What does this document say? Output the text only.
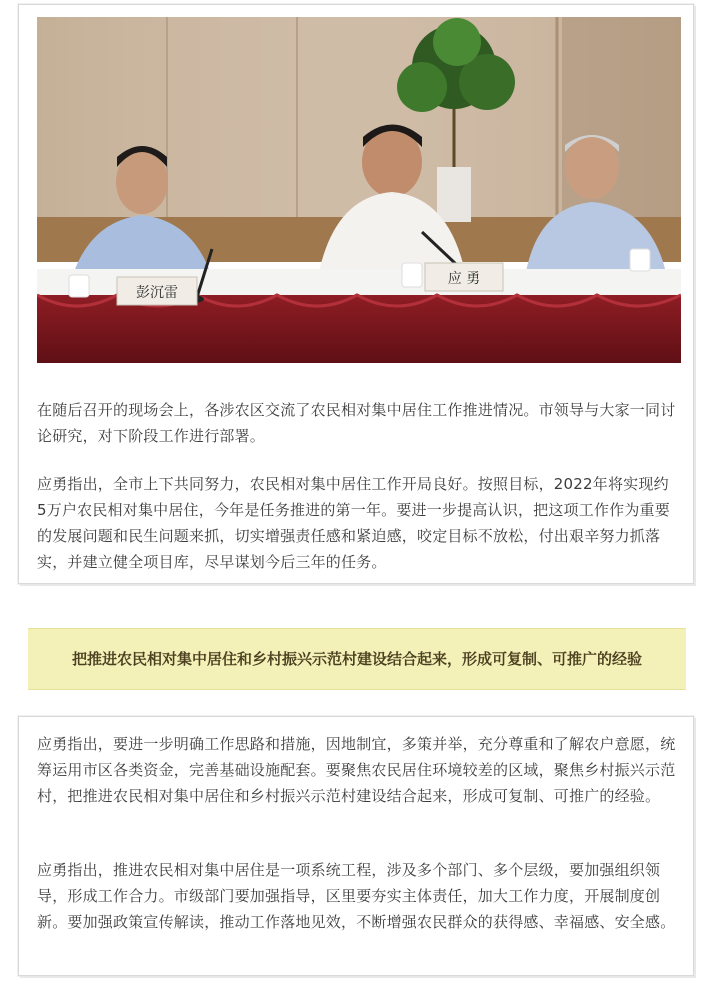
彭沉雷
应 勇

在随后召开的现场会上，各涉农区交流了农民相对集中居住工作推进情况。市领导与大家一同讨论研究，对下阶段工作进行部署。

应勇指出，全市上下共同努力，农民相对集中居住工作开局良好。按照目标，2022年将实现约5万户农民相对集中居住，今年是任务推进的第一年。要进一步提高认识，把这项工作作为重要的发展问题和民生问题来抓，切实增强责任感和紧迫感，咬定目标不放松，付出艰辛努力抓落实，并建立健全项目库，尽早谋划今后三年的任务。

把推进农民相对集中居住和乡村振兴示范村建设结合起来，形成可复制、可推广的经验

应勇指出，要进一步明确工作思路和措施，因地制宜，多策并举，充分尊重和了解农户意愿，统筹运用市区各类资金，完善基础设施配套。要聚焦农民居住环境较差的区域，聚焦乡村振兴示范村，把推进农民相对集中居住和乡村振兴示范村建设结合起来，形成可复制、可推广的经验。

应勇指出，推进农民相对集中居住是一项系统工程，涉及多个部门、多个层级，要加强组织领导，形成工作合力。市级部门要加强指导，区里要夯实主体责任，加大工作力度，开展制度创新。要加强政策宣传解读，推动工作落地见效，不断增强农民群众的获得感、幸福感、安全感。
